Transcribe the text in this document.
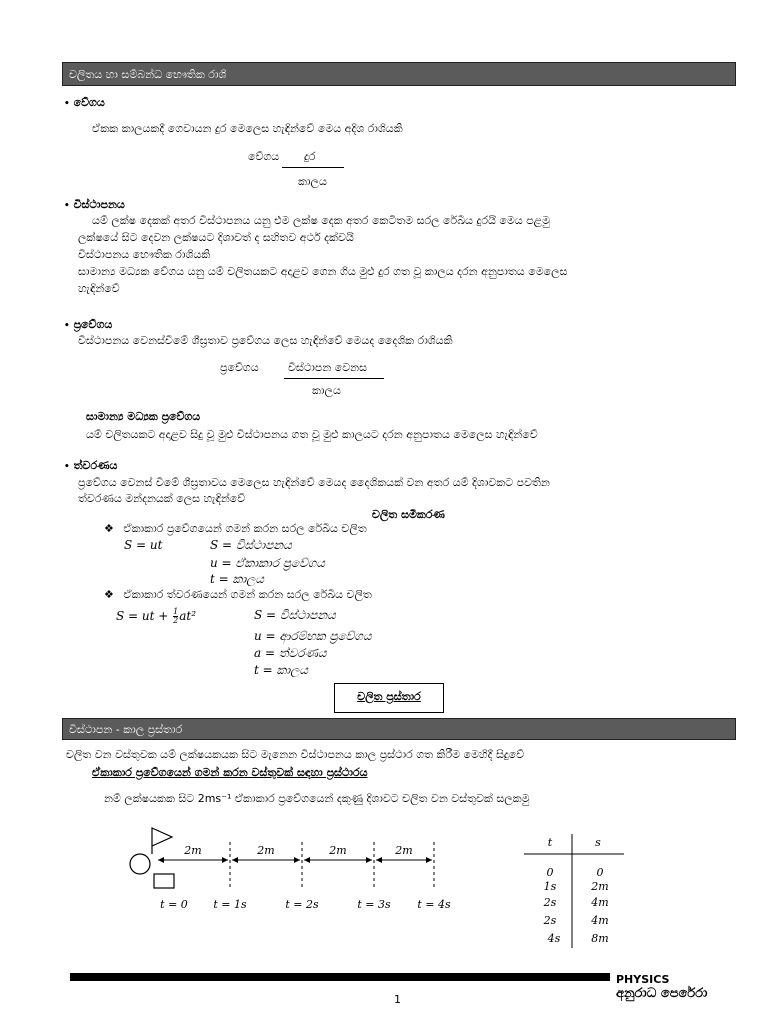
චලිතය හා සම්බන්ධ භෞතික රාශි
• වේගය
ඒකක කාලයකදී ගෙවායන දුර මෙලෙස හැඳින්වේ මෙය අදිශ රාශියකි
වේගය දුර
කාලය
• විස්ථාපනය
යම් ලක්ෂ දෙකක් අතර විස්ථාපනය යනු එම ලක්ෂ දෙක අතර කෙටිතම සරල රේඛීය දුරයි මෙය පළමු
ලක්ෂයේ සිට දෙවන ලක්ෂයට දිශාවත් ද සහිතව අර්ථ දක්වයි
විස්ථාපනය භෞතික රාශියකි
සාමාන්‍ය මධ්‍යක වේගය යනු යම් චලිතයකට අදාළව ගෙන ගිය මුළු දුර ගත වූ කාලය දරන අනුපාතය මෙලෙස
හැඳින්වේ
• ප්‍රවේගය
විස්ථාපනය වෙනස්වීමේ ශීඝ්‍රතාව ප්‍රවේගය ලෙස හැඳින්වේ මෙයද දෛශික රාශියකි
ප්‍රවේගය	විස්ථාපන වෙනස
කාලය
සාමාන්‍ය මධ්‍යක ප්‍රවේගය
යම් චලිතයකට අදාළව සිදු වූ මුළු විස්ථාපනය ගත වූ මුළු කාලයට දරන අනුපාතය මෙලෙස හැඳින්වේ
• ත්වරණය
ප්‍රවේගය වෙනස් වීමේ ශීඝ්‍රතාවය මෙලෙස හැඳින්වේ මෙයද දෛශිකයක් වන අතර යම් දිශාවකට පවතින
ත්වරණය මන්දනයක් ලෙස හැඳින්වේ
චලිත සමීකරණ
❖ ඒකාකාර ප්‍රවේගයෙන් ගමන් කරන සරල රේඛීය චලිත
S = ut	S = විස්ථාපනය
u = ඒකාකාර ප්‍රවේගය
t = කාලය
❖ ඒකාකාර ත්වරණයෙන් ගමන් කරන සරල රේඛීය චලිත
S = ut + $\frac{1}{2} at^2$	S = විස්ථාපනය
u = ආරම්භක ප්‍රවේගය
a = ත්වරණය
t = කාලය
චලිත ප්‍රස්තාර
විස්ථාපන - කාල ප්‍රස්තාර
චලිත වන වස්තුවක යම් ලක්ෂයකයක සිට මැනෙන විස්ථාපනය කාල ප්‍රස්ථාර ගත කිරීම මෙහිදී සිදුවේ
ඒකාකාර ප්‍රවේගයෙන් ගමන් කරන වස්තුවක් සඳහා ප්‍රස්ථාරය
නම් ලක්ෂයකක සිට 2ms⁻¹ ඒකාකාර ප්‍රවේගයෙන් දකුණු දිශාවට චලිත වන වස්තුවක් සලකමු
2m	2m	2m	2m
t = 0 t = 1s	t = 2s	t = 3s t = 4s
t	s
0	0
1s	2m
2s	4m
2s	4m
4s	8m
PHYSICS
අනුරාධ පෙරේරා
1
